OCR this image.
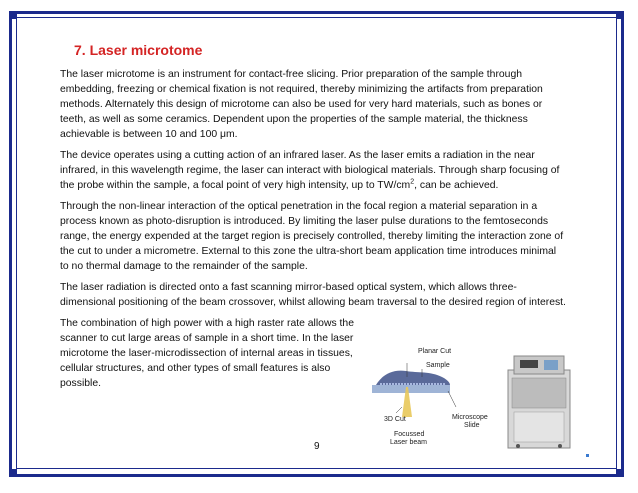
7. Laser microtome

The laser microtome is an instrument for contact-free slicing. Prior preparation of the sample through embedding, freezing or chemical fixation is not required, thereby minimizing the artifacts from preparation methods. Alternately this design of microtome can also be used for very hard materials, such as bones or teeth, as well as some ceramics. Dependent upon the properties of the sample material, the thickness achievable is between 10 and 100 μm.

The device operates using a cutting action of an infrared laser. As the laser emits a radiation in the near infrared, in this wavelength regime, the laser can interact with biological materials. Through sharp focusing of the probe within the sample, a focal point of very high intensity, up to $TW/cm^2$, can be achieved.

Through the non-linear interaction of the optical penetration in the focal region a material separation in a process known as photo-disruption is introduced. By limiting the laser pulse durations to the femtoseconds range, the energy expended at the target region is precisely controlled, thereby limiting the interaction zone of the cut to under a micrometre. External to this zone the ultra-short beam application time introduces minimal to no thermal damage to the remainder of the sample.

The laser radiation is directed onto a fast scanning mirror-based optical system, which allows three-dimensional positioning of the beam crossover, whilst allowing beam traversal to the desired region of interest.

The combination of high power with a high raster rate allows the scanner to cut large areas of sample in a short time. In the laser microtome the laser-microdissection of internal areas in tissues, cellular structures, and other types of small features is also possible.

Planar Cut
Sample
3D Cut	Microscope
Slide
Focussed
Laser beam
9
